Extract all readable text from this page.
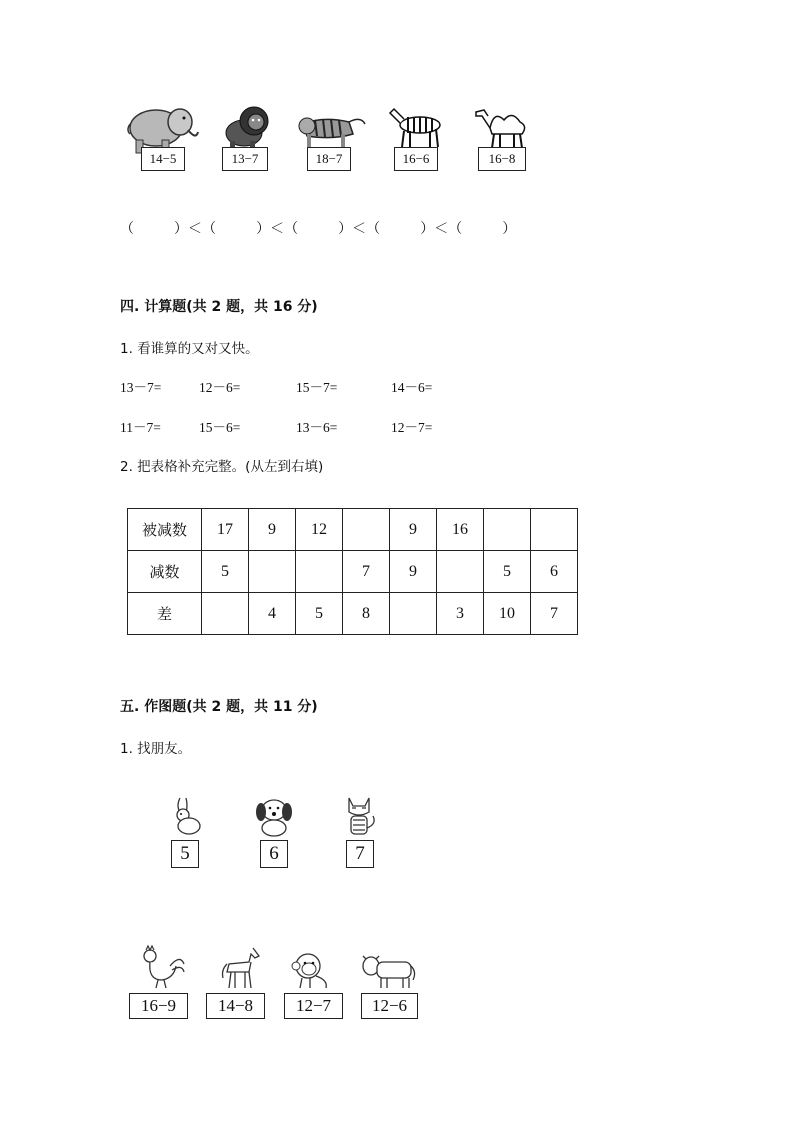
14−5	13−7	18−7	16−6	16−8
（         ）＜（         ）＜（         ）＜（         ）＜（         ）
四. 计算题(共 2 题，共 16 分)
1. 看谁算的又对又快。
13－7=	12－6=	15－7=	14－6=
11－7=	15－6=	13－6=	12－7=
2. 把表格补充完整。(从左到右填)
被减数	17	9	12		9	16		
减数	5			7	9		5	6
差		4	5	8		3	10	7
五. 作图题(共 2 题，共 11 分)
1. 找朋友。
5	6	7
16−9	14−8	12−7	12−6
